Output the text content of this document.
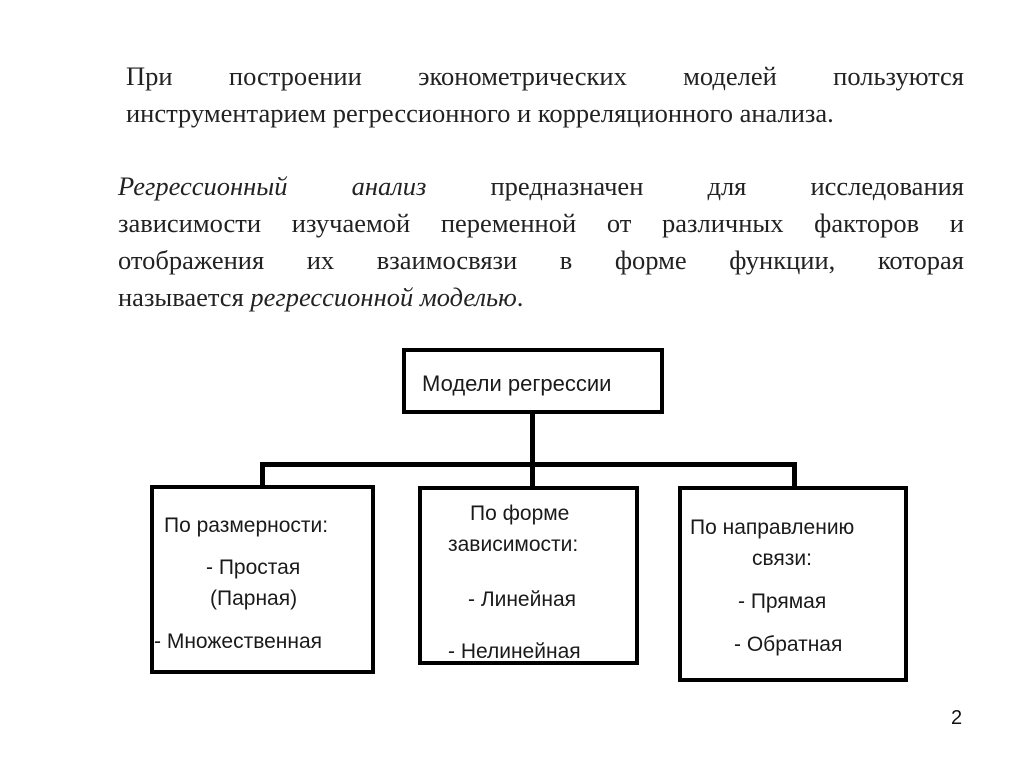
При построении эконометрических моделей пользуются
инструментарием регрессионного и корреляционного анализа.

Регрессионный анализ предназначен для исследования
зависимости изучаемой переменной от различных факторов и
отображения их взаимосвязи в форме функции, которая
называется регрессионной моделью.

Модели регрессии
По размерности:
- Простая
(Парная)
- Множественная
По форме
зависимости:
- Линейная
- Нелинейная
По направлению
связи:
- Прямая
- Обратная
2
